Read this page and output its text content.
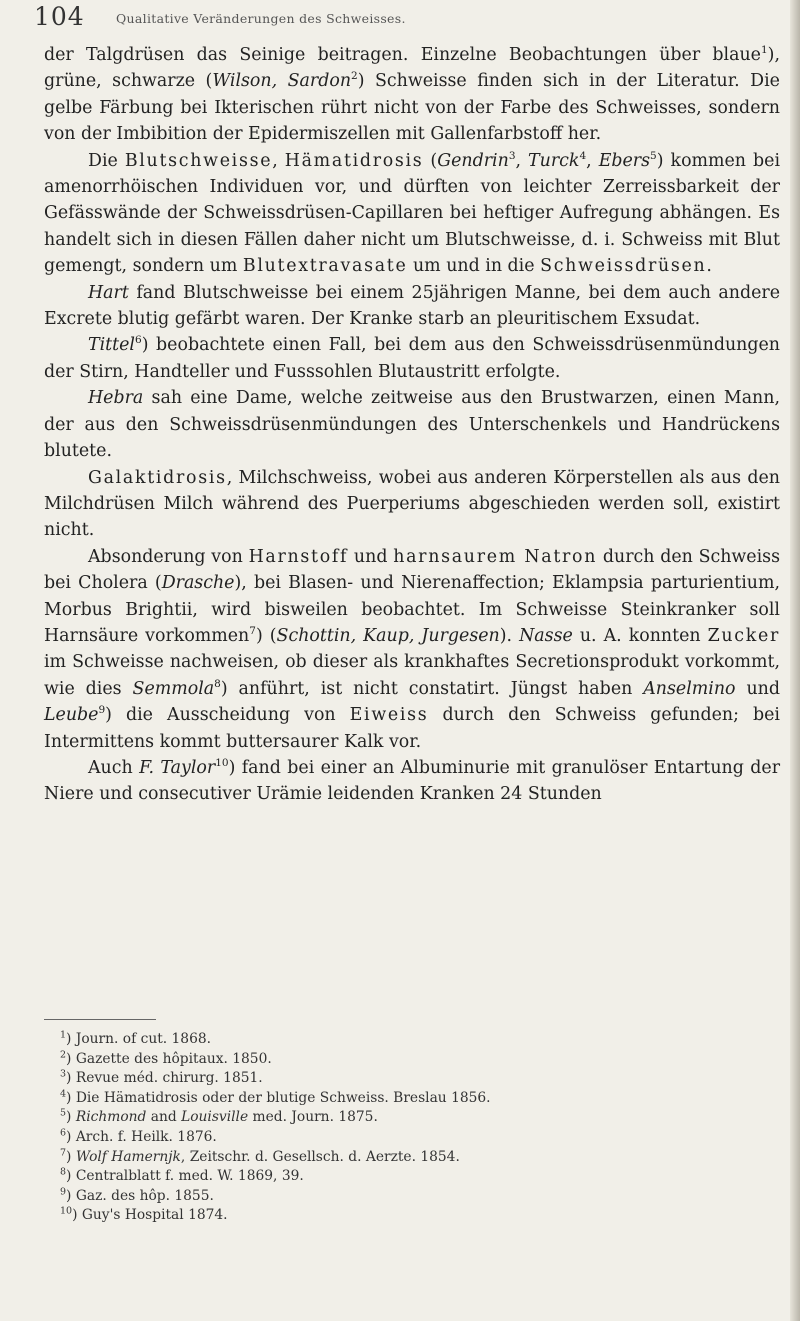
104	Qualitative Veränderungen des Schweisses.

der Talgdrüsen das Seinige beitragen. Einzelne Beobachtungen über blaue$^1$), grüne, schwarze (Wilson, Sardon$^2$) Schweisse finden sich in der Literatur. Die gelbe Färbung bei Ikterischen rührt nicht von der Farbe des Schweisses, sondern von der Imbibition der Epidermiszellen mit Gallenfarbstoff her.

Die Blutschweisse, Hämatidrosis (Gendrin$^3$, Turck$^4$, Ebers$^5$) kommen bei amenorrhöischen Individuen vor, und dürften von leichter Zerreissbarkeit der Gefässwände der Schweissdrüsen-Capillaren bei heftiger Aufregung abhängen. Es handelt sich in diesen Fällen daher nicht um Blutschweisse, d. i. Schweiss mit Blut gemengt, sondern um Blutextravasate um und in die Schweissdrüsen.

Hart fand Blutschweisse bei einem 25jährigen Manne, bei dem auch andere Excrete blutig gefärbt waren. Der Kranke starb an pleuritischem Exsudat.

Tittel$^6$) beobachtete einen Fall, bei dem aus den Schweissdrüsenmündungen der Stirn, Handteller und Fusssohlen Blutaustritt erfolgte.

Hebra sah eine Dame, welche zeitweise aus den Brustwarzen, einen Mann, der aus den Schweissdrüsenmündungen des Unterschenkels und Handrückens blutete.

Galaktidrosis, Milchschweiss, wobei aus anderen Körperstellen als aus den Milchdrüsen Milch während des Puerperiums abgeschieden werden soll, existirt nicht.

Absonderung von Harnstoff und harnsaurem Natron durch den Schweiss bei Cholera (Drasche), bei Blasen- und Nierenaffection; Eklampsia parturientium, Morbus Brightii, wird bisweilen beobachtet. Im Schweisse Steinkranker soll Harnsäure vorkommen$^7$) (Schottin, Kaup, Jurgesen). Nasse u. A. konnten Zucker im Schweisse nachweisen, ob dieser als krankhaftes Secretionsprodukt vorkommt, wie dies Semmola$^8$) anführt, ist nicht constatirt. Jüngst haben Anselmino und Leube$^9$) die Ausscheidung von Eiweiss durch den Schweiss gefunden; bei Intermittens kommt buttersaurer Kalk vor.

Auch F. Taylor$^{10}$) fand bei einer an Albuminurie mit granulöser Entartung der Niere und consecutiver Urämie leidenden Kranken 24 Stunden

$^1$) Journ. of cut. 1868.
$^2$) Gazette des hôpitaux. 1850.
$^3$) Revue méd. chirurg. 1851.
$^4$) Die Hämatidrosis oder der blutige Schweiss. Breslau 1856.
$^5$) Richmond and Louisville med. Journ. 1875.
$^6$) Arch. f. Heilk. 1876.
$^7$) Wolf Hamernjk, Zeitschr. d. Gesellsch. d. Aerzte. 1854.
$^8$) Centralblatt f. med. W. 1869, 39.
$^9$) Gaz. des hôp. 1855.
$^{10}$) Guy's Hospital 1874.
